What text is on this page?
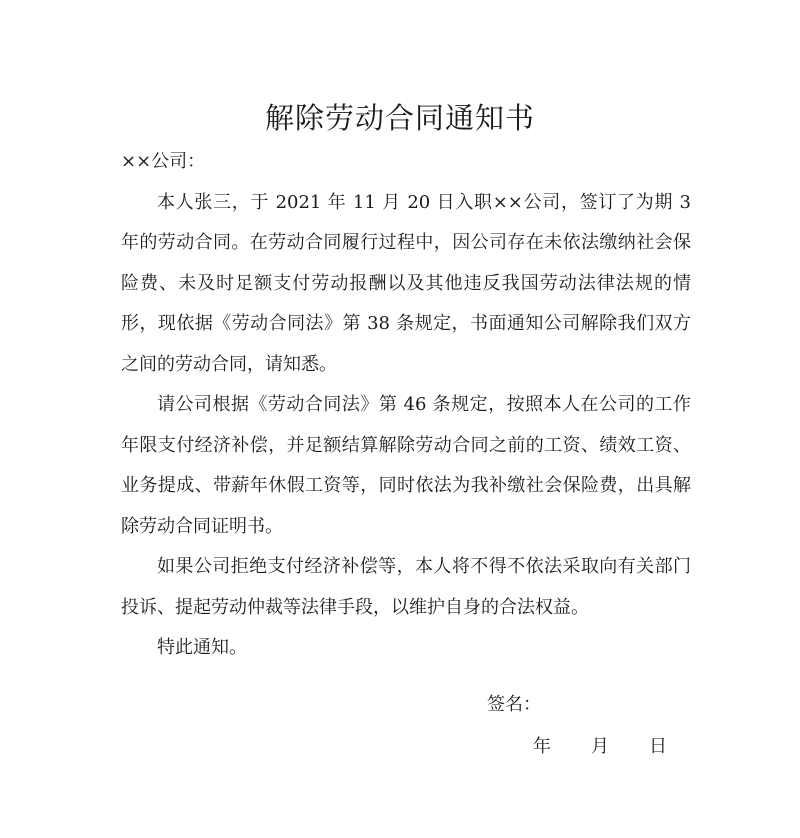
解除劳动合同通知书

××公司：

本人张三，于 2021 年 11 月 20 日入职××公司，签订了为期 3 年的劳动合同。在劳动合同履行过程中，因公司存在未依法缴纳社会保险费、未及时足额支付劳动报酬以及其他违反我国劳动法律法规的情形，现依据《劳动合同法》第 38 条规定，书面通知公司解除我们双方之间的劳动合同，请知悉。

请公司根据《劳动合同法》第 46 条规定，按照本人在公司的工作年限支付经济补偿，并足额结算解除劳动合同之前的工资、绩效工资、业务提成、带薪年休假工资等，同时依法为我补缴社会保险费，出具解除劳动合同证明书。

如果公司拒绝支付经济补偿等，本人将不得不依法采取向有关部门投诉、提起劳动仲裁等法律手段，以维护自身的合法权益。

特此通知。

签名：
年 月 日
